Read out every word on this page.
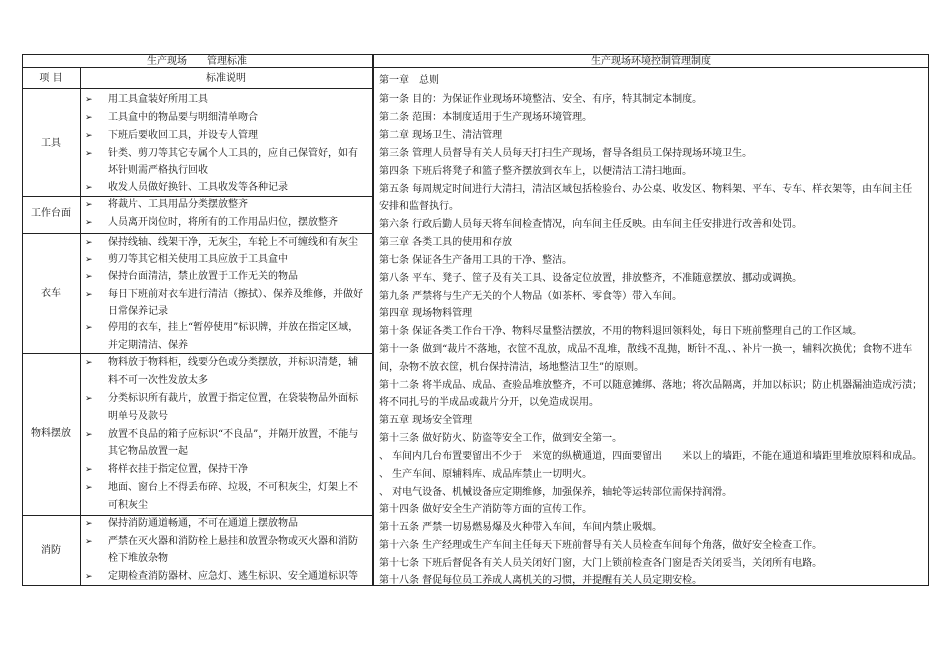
生产现场　　管理标准	生产现场环境控制管理制度
项 目	标准说明
工具
工作台面
衣车
物料摆放
消防
➢
➢
➢
➢
➢
➢
➢
➢
➢
➢
➢
➢
➢
➢
➢
➢
➢
➢
➢
➢
用工具盒装好所用工具
工具盒中的物品要与明细清单吻合
下班后要收回工具，并设专人管理
针类、剪刀等其它专属个人工具的，应自己保管好，如有
坏针则需严格执行回收
收发人员做好换针、工具收发等各种记录
将裁片、工具用品分类摆放整齐
人员离开岗位时，将所有的工作用品归位，摆放整齐
保持线轴、线架干净，无灰尘，车轮上不可缠线和有灰尘
剪刀等其它相关使用工具应放于工具盒中
保持台面清洁，禁止放置于工作无关的物品
每日下班前对衣车进行清洁（擦拭）、保养及维修，并做好
日常保养记录
停用的衣车，挂上“暂停使用”标识牌，并放在指定区域，
并定期清洁、保养
物料放于物料柜，线要分色或分类摆放，并标识清楚，辅
料不可一次性发放太多
分类标识所有裁片，放置于指定位置，在袋装物品外面标
明单号及款号
放置不良品的箱子应标识“不良品”，并隔开放置，不能与
其它物品放置一起
将样衣挂于指定位置，保持干净
地面、窗台上不得丢布碎、垃圾，不可积灰尘，灯架上不
可积灰尘
保持消防通道畅通，不可在通道上摆放物品
严禁在灭火器和消防栓上悬挂和放置杂物或灭火器和消防
栓下堆放杂物
定期检查消防器材、应急灯、逃生标识、安全通道标识等
第一章　总则
第一条 目的：为保证作业现场环境整洁、安全、有序，特其制定本制度。
第二条 范围：本制度适用于生产现场环境管理。
第二章 现场卫生、清洁管理
第三条 管理人员督导有关人员每天打扫生产现场，督导各组员工保持现场环境卫生。
第四条 下班后将凳子和篮子整齐摆放到衣车上，以便清洁工清扫地面。
第五条 每周规定时间进行大清扫，清洁区域包括检验台、办公桌、收发区、物料架、平车、专车、样衣架等，由车间主任
安排和监督执行。
第六条 行政后勤人员每天将车间检查情况，向车间主任反映。由车间主任安排进行改善和处罚。
第三章 各类工具的使用和存放
第七条 保证各生产备用工具的干净、整洁。
第八条 平车、凳子、筐子及有关工具、设备定位放置，排放整齐，不准随意摆放、挪动或调换。
第九条 严禁将与生产无关的个人物品（如茶杯、零食等）带入车间。
第四章 现场物料管理
第十条 保证各类工作台干净、物料尽量整洁摆放，不用的物料退回领料处，每日下班前整理自己的工作区域。
第十一条 做到“裁片不落地，衣筐不乱放，成品不乱堆，散线不乱抛，断针不乱、、补片一换一，辅料次换优；食物不进车
间，杂物不放衣筐，机台保持清洁，场地整洁卫生”的原则。
第十二条 将半成品、成品、查验品堆放整齐，不可以随意摊绑、落地；将次品隔离，并加以标识；防止机器漏油造成污渍；
将不同扎号的半成品或裁片分开，以免造成误用。
第五章 现场安全管理
第十三条 做好防火、防盗等安全工作，做到安全第一。
、 车间内几台布置要留出不少于　米宽的纵横通道，四面要留出　　米以上的墙距，不能在通道和墙距里堆放原料和成品。
、 生产车间、原辅料库、成品库禁止一切明火。
、 对电气设备、机械设备应定期维修，加强保养，轴轮等运转部位需保持润滑。
第十四条 做好安全生产消防等方面的宣传工作。
第十五条 严禁一切易燃易爆及火种带入车间，车间内禁止吸烟。
第十六条 生产经理或生产车间主任每天下班前督导有关人员检查车间每个角落，做好安全检查工作。
第十七条 下班后督促各有关人员关闭好门窗，大门上锁前检查各门窗是否关闭妥当，关闭所有电路。
第十八条 督促每位员工养成人离机关的习惯，并提醒有关人员定期安检。
